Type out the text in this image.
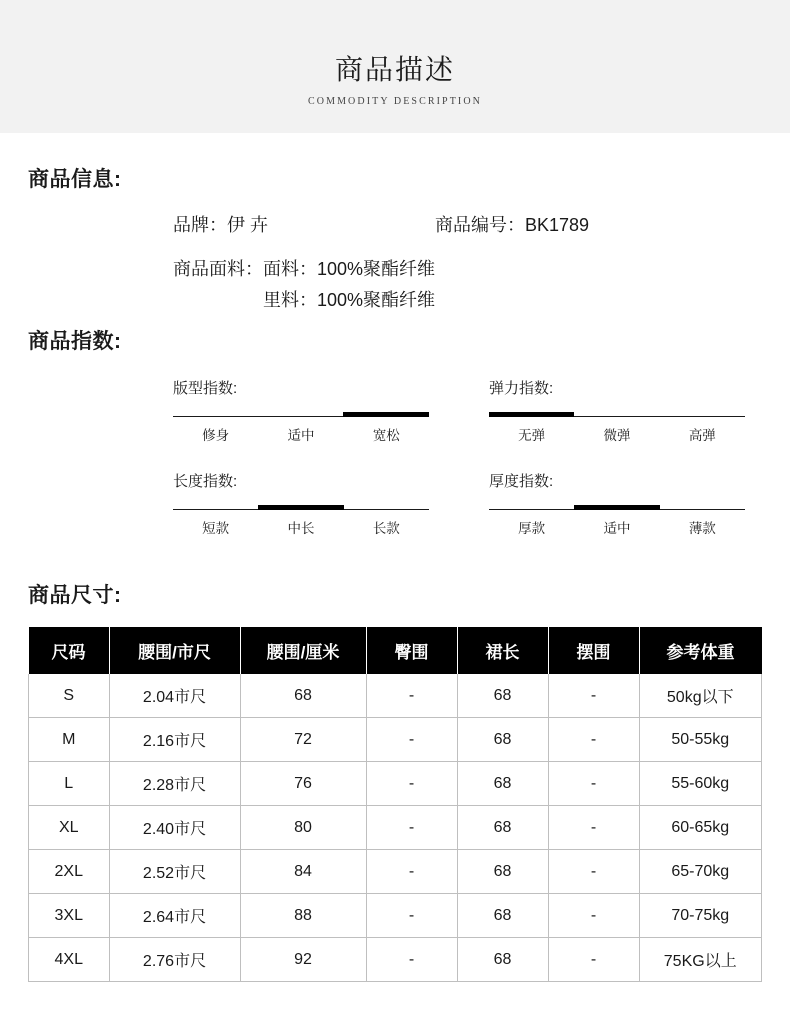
商品描述
COMMODITY DESCRIPTION
商品信息:
品牌：伊 卉	商品编号：BK1789
商品面料： 面料：100%聚酯纤维
里料：100%聚酯纤维
商品指数:
版型指数:
修身	适中	宽松
长度指数:
短款	中长	长款
弹力指数:
无弹	微弹	高弹
厚度指数:
厚款	适中	薄款
商品尺寸:
尺码	腰围/市尺	腰围/厘米	臀围	裙长	摆围	参考体重
S	2.04市尺	68	-	68	-	50kg以下
M	2.16市尺	72	-	68	-	50-55kg
L	2.28市尺	76	-	68	-	55-60kg
XL	2.40市尺	80	-	68	-	60-65kg
2XL	2.52市尺	84	-	68	-	65-70kg
3XL	2.64市尺	88	-	68	-	70-75kg
4XL	2.76市尺	92	-	68	-	75KG以上
